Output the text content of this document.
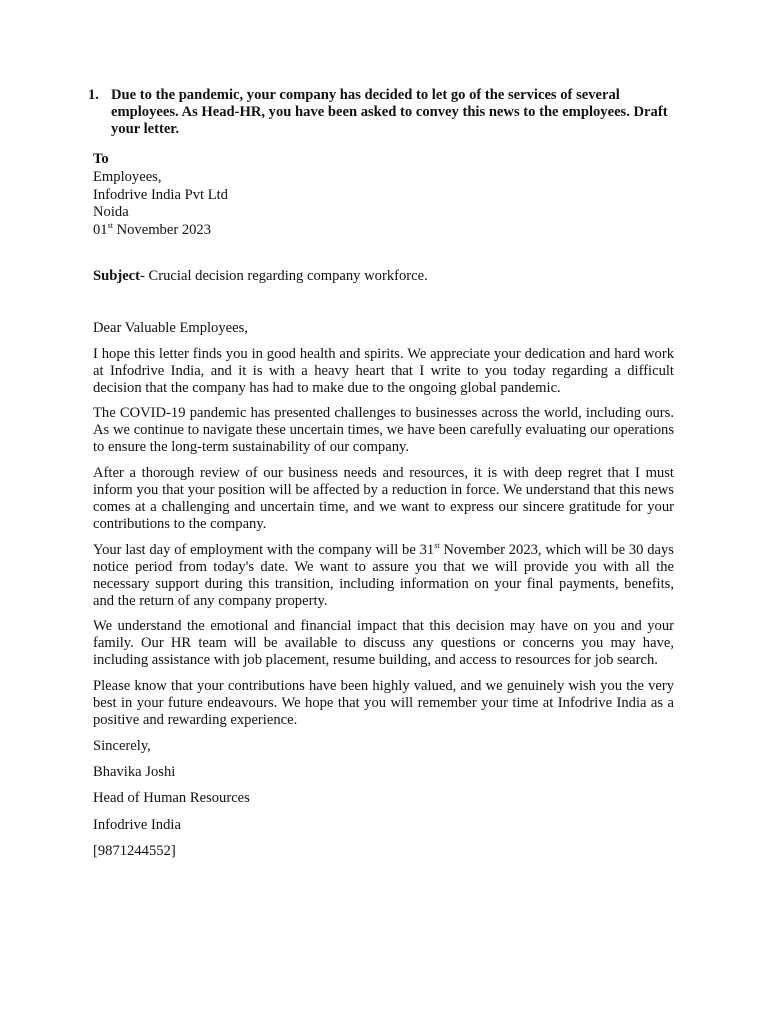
1. Due to the pandemic, your company has decided to let go of the services of several employees. As Head-HR, you have been asked to convey this news to the employees. Draft your letter.
To
Employees,
Infodrive India Pvt Ltd
Noida
01st November 2023
Subject- Crucial decision regarding company workforce.
Dear Valuable Employees,
I hope this letter finds you in good health and spirits. We appreciate your dedication and hard work at Infodrive India, and it is with a heavy heart that I write to you today regarding a difficult decision that the company has had to make due to the ongoing global pandemic.
The COVID-19 pandemic has presented challenges to businesses across the world, including ours. As we continue to navigate these uncertain times, we have been carefully evaluating our operations to ensure the long-term sustainability of our company.
After a thorough review of our business needs and resources, it is with deep regret that I must inform you that your position will be affected by a reduction in force. We understand that this news comes at a challenging and uncertain time, and we want to express our sincere gratitude for your contributions to the company.
Your last day of employment with the company will be 31st November 2023, which will be 30 days notice period from today's date. We want to assure you that we will provide you with all the necessary support during this transition, including information on your final payments, benefits, and the return of any company property.
We understand the emotional and financial impact that this decision may have on you and your family. Our HR team will be available to discuss any questions or concerns you may have, including assistance with job placement, resume building, and access to resources for job search.
Please know that your contributions have been highly valued, and we genuinely wish you the very best in your future endeavours. We hope that you will remember your time at Infodrive India as a positive and rewarding experience.
Sincerely,
Bhavika Joshi
Head of Human Resources
Infodrive India
[9871244552]
